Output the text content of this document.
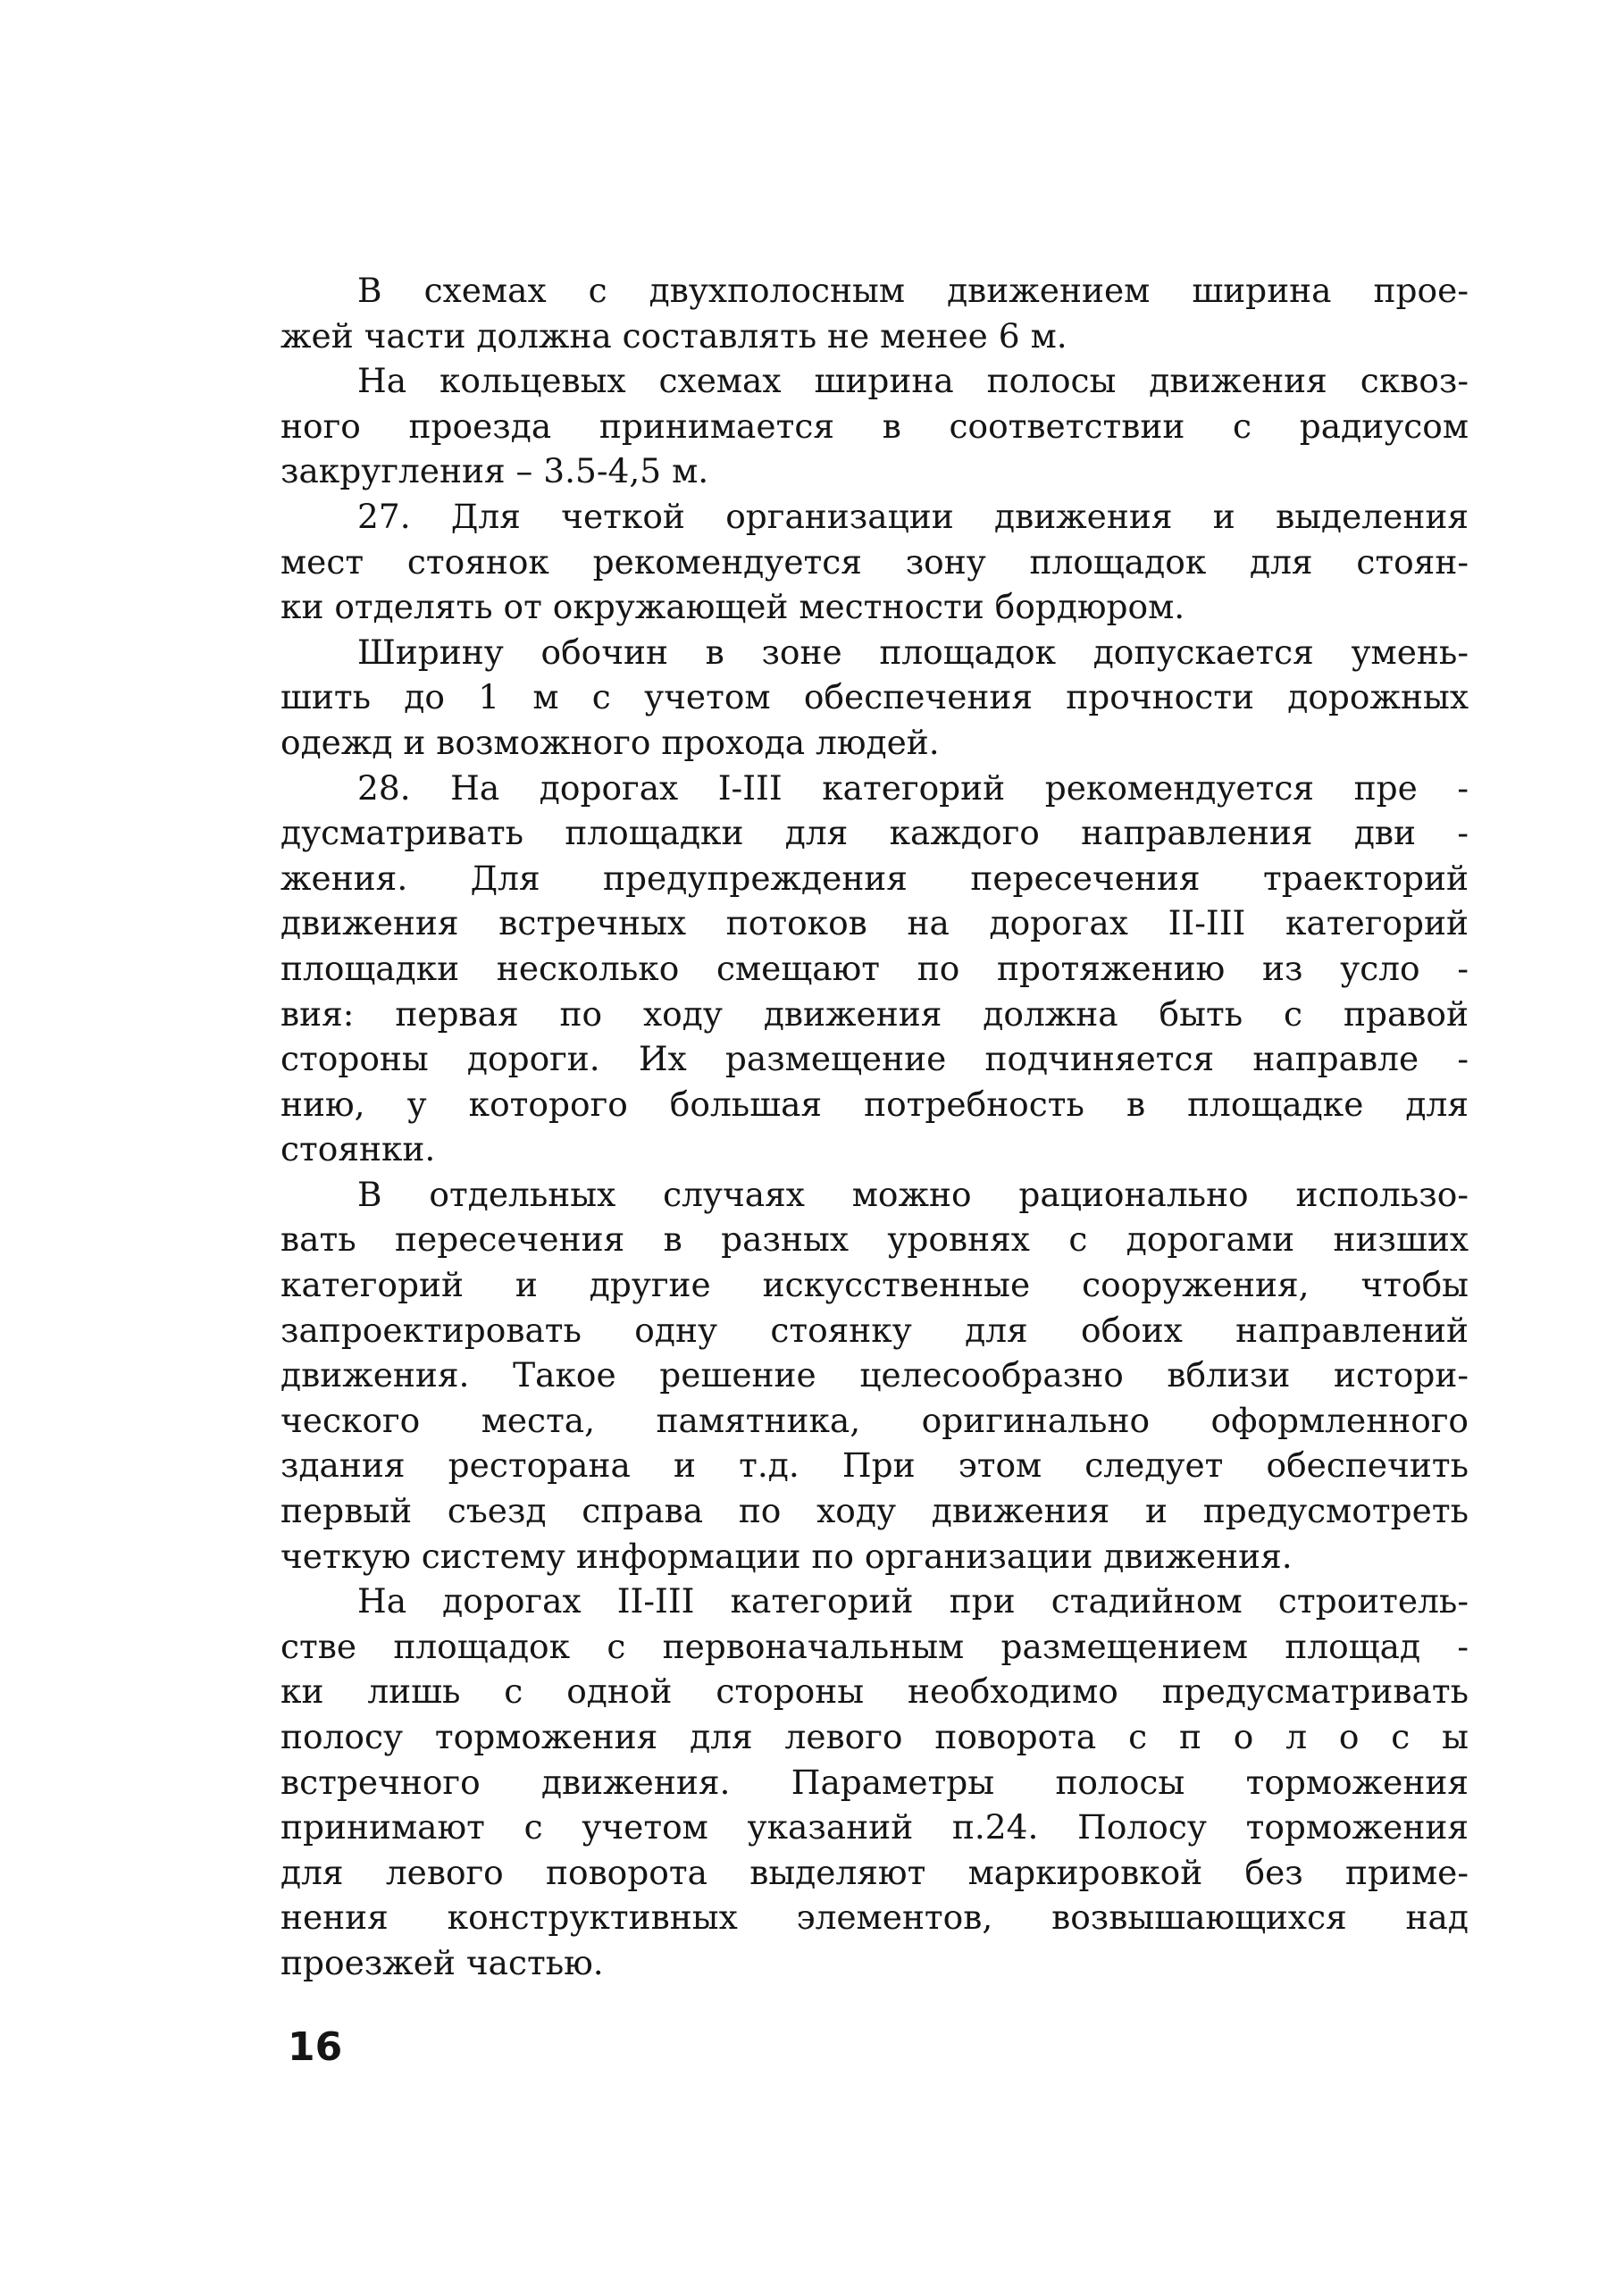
В схемах с двухполосным движением ширина прое-
жей части должна составлять не менее 6 м.
На кольцевых схемах ширина полосы движения сквоз-
ного проезда принимается в соответствии с радиусом
закругления – 3.5-4,5 м.
27. Для четкой организации движения и выделения
мест стоянок рекомендуется зону площадок для стоян-
ки отделять от окружающей местности бордюром.
Ширину обочин в зоне площадок допускается умень-
шить до 1 м с учетом обеспечения прочности дорожных
одежд и возможного прохода людей.
28. На дорогах I-III категорий рекомендуется пре -
дусматривать площадки для каждого направления дви -
жения. Для предупреждения пересечения траекторий
движения встречных потоков на дорогах II-III категорий
площадки несколько смещают по протяжению из усло -
вия: первая по ходу движения должна быть с правой
стороны дороги. Их размещение подчиняется направле -
нию, у которого большая потребность в площадке для
стоянки.
В отдельных случаях можно рационально использо-
вать пересечения в разных уровнях с дорогами низших
категорий и другие искусственные сооружения, чтобы
запроектировать одну стоянку для обоих направлений
движения. Такое решение целесообразно вблизи истори-
ческого места, памятника, оригинально оформленного
здания ресторана и т.д. При этом следует обеспечить
первый съезд справа по ходу движения и предусмотреть
четкую систему информации по организации движения.
На дорогах II-III категорий при стадийном строитель-
стве площадок с первоначальным размещением площад -
ки лишь с одной стороны необходимо предусматривать
полосу торможения для левого поворота с п о л о с ы
встречного движения. Параметры полосы торможения
принимают с учетом указаний п.24. Полосу торможения
для левого поворота выделяют маркировкой без приме-
нения конструктивных элементов, возвышающихся над
проезжей частью.
16
